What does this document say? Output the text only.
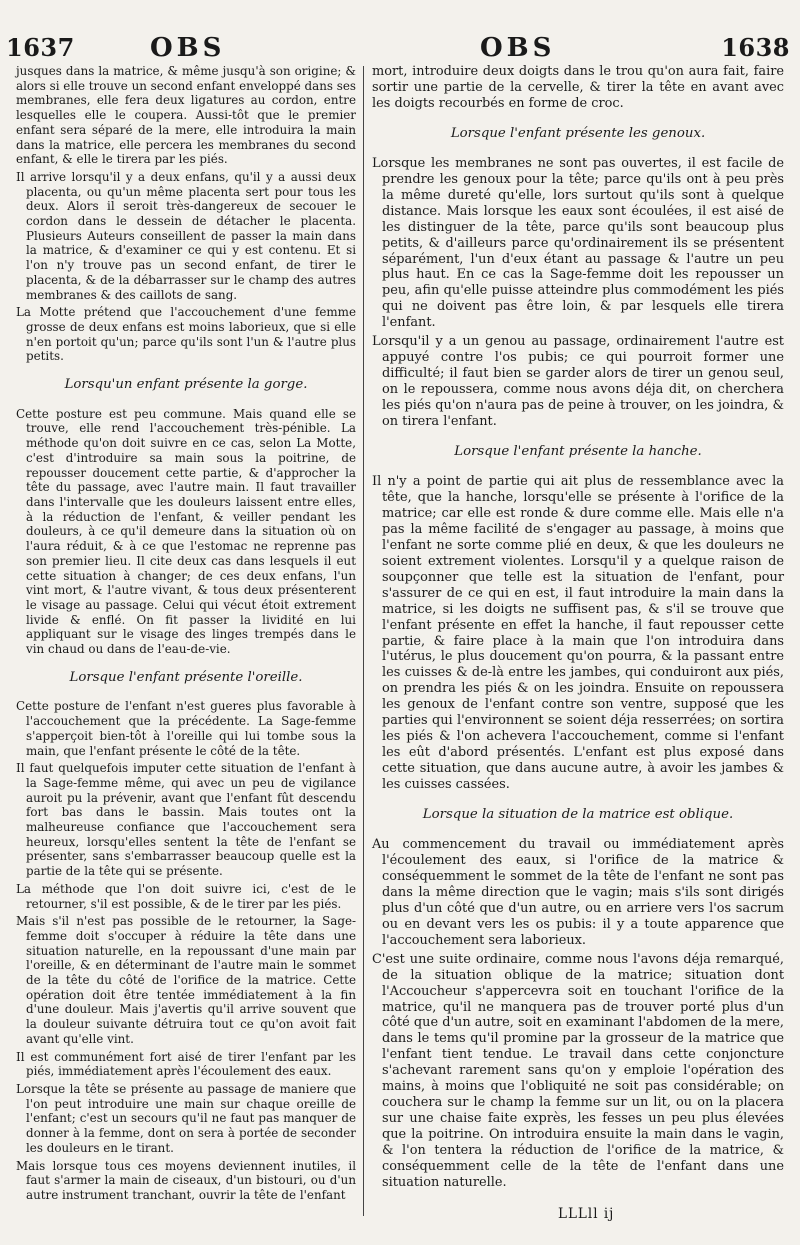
1637	OBS	OBS	1638

jusques dans la matrice, & même jusqu'à son origine; & alors si elle trouve un second enfant enveloppé dans ses membranes, elle fera deux ligatures au cordon, entre lesquelles elle le coupera. Aussi-tôt que le premier enfant sera séparé de la mere, elle introduira la main dans la matrice, elle percera les membranes du second enfant, & elle le tirera par les piés.

Il arrive lorsqu'il y a deux enfans, qu'il y a aussi deux placenta, ou qu'un même placenta sert pour tous les deux. Alors il seroit très-dangereux de secouer le cordon dans le dessein de détacher le placenta. Plusieurs Auteurs conseillent de passer la main dans la matrice, & d'examiner ce qui y est contenu. Et si l'on n'y trouve pas un second enfant, de tirer le placenta, & de la débarrasser sur le champ des autres membranes & des caillots de sang.

La Motte prétend que l'accouchement d'une femme grosse de deux enfans est moins laborieux, que si elle n'en portoit qu'un; parce qu'ils sont l'un & l'autre plus petits.

Lorsqu'un enfant présente la gorge.

Cette posture est peu commune. Mais quand elle se trouve, elle rend l'accouchement très-pénible. La méthode qu'on doit suivre en ce cas, selon La Motte, c'est d'introduire sa main sous la poitrine, de repousser doucement cette partie, & d'approcher la tête du passage, avec l'autre main. Il faut travailler dans l'intervalle que les douleurs laissent entre elles, à la réduction de l'enfant, & veiller pendant les douleurs, à ce qu'il demeure dans la situation où on l'aura réduit, & à ce que l'estomac ne reprenne pas son premier lieu. Il cite deux cas dans lesquels il eut cette situation à changer; de ces deux enfans, l'un vint mort, & l'autre vivant, & tous deux présenterent le visage au passage. Celui qui vécut étoit extrement livide & enflé. On fit passer la lividité en lui appliquant sur le visage des linges trempés dans le vin chaud ou dans de l'eau-de-vie.

Lorsque l'enfant présente l'oreille.

Cette posture de l'enfant n'est gueres plus favorable à l'accouchement que la précédente. La Sage-femme s'apperçoit bien-tôt à l'oreille qui lui tombe sous la main, que l'enfant présente le côté de la tête.

Il faut quelquefois imputer cette situation de l'enfant à la Sage-femme même, qui avec un peu de vigilance auroit pu la prévenir, avant que l'enfant fût descendu fort bas dans le bassin. Mais toutes ont la malheureuse confiance que l'accouchement sera heureux, lorsqu'elles sentent la tête de l'enfant se présenter, sans s'embarrasser beaucoup quelle est la partie de la tête qui se présente.

La méthode que l'on doit suivre ici, c'est de le retourner, s'il est possible, & de le tirer par les piés.

Mais s'il n'est pas possible de le retourner, la Sage-femme doit s'occuper à réduire la tête dans une situation naturelle, en la repoussant d'une main par l'oreille, & en déterminant de l'autre main le sommet de la tête du côté de l'orifice de la matrice. Cette opération doit être tentée immédiatement à la fin d'une douleur. Mais j'avertis qu'il arrive souvent que la douleur suivante détruira tout ce qu'on avoit fait avant qu'elle vint.

Il est communément fort aisé de tirer l'enfant par les piés, immédiatement après l'écoulement des eaux.

Lorsque la tête se présente au passage de maniere que l'on peut introduire une main sur chaque oreille de l'enfant; c'est un secours qu'il ne faut pas manquer de donner à la femme, dont on sera à portée de seconder les douleurs en le tirant.

Mais lorsque tous ces moyens deviennent inutiles, il faut s'armer la main de ciseaux, d'un bistouri, ou d'un autre instrument tranchant, ouvrir la tête de l'enfant

mort, introduire deux doigts dans le trou qu'on aura fait, faire sortir une partie de la cervelle, & tirer la tête en avant avec les doigts recourbés en forme de croc.

Lorsque l'enfant présente les genoux.

Lorsque les membranes ne sont pas ouvertes, il est facile de prendre les genoux pour la tête; parce qu'ils ont à peu près la même dureté qu'elle, lors surtout qu'ils sont à quelque distance. Mais lorsque les eaux sont écoulées, il est aisé de les distinguer de la tête, parce qu'ils sont beaucoup plus petits, & d'ailleurs parce qu'ordinairement ils se présentent séparément, l'un d'eux étant au passage & l'autre un peu plus haut. En ce cas la Sage-femme doit les repousser un peu, afin qu'elle puisse atteindre plus commodément les piés qui ne doivent pas être loin, & par lesquels elle tirera l'enfant.

Lorsqu'il y a un genou au passage, ordinairement l'autre est appuyé contre l'os pubis; ce qui pourroit former une difficulté; il faut bien se garder alors de tirer un genou seul, on le repoussera, comme nous avons déja dit, on cherchera les piés qu'on n'aura pas de peine à trouver, on les joindra, & on tirera l'enfant.

Lorsque l'enfant présente la hanche.

Il n'y a point de partie qui ait plus de ressemblance avec la tête, que la hanche, lorsqu'elle se présente à l'orifice de la matrice; car elle est ronde & dure comme elle. Mais elle n'a pas la même facilité de s'engager au passage, à moins que l'enfant ne sorte comme plié en deux, & que les douleurs ne soient extrement violentes. Lorsqu'il y a quelque raison de soupçonner que telle est la situation de l'enfant, pour s'assurer de ce qui en est, il faut introduire la main dans la matrice, si les doigts ne suffisent pas, & s'il se trouve que l'enfant présente en effet la hanche, il faut repousser cette partie, & faire place à la main que l'on introduira dans l'utérus, le plus doucement qu'on pourra, & la passant entre les cuisses & de-là entre les jambes, qui conduiront aux piés, on prendra les piés & on les joindra. Ensuite on repoussera les genoux de l'enfant contre son ventre, supposé que les parties qui l'environnent se soient déja resserrées; on sortira les piés & l'on achevera l'accouchement, comme si l'enfant les eût d'abord présentés. L'enfant est plus exposé dans cette situation, que dans aucune autre, à avoir les jambes & les cuisses cassées.

Lorsque la situation de la matrice est oblique.

Au commencement du travail ou immédiatement après l'écoulement des eaux, si l'orifice de la matrice & conséquemment le sommet de la tête de l'enfant ne sont pas dans la même direction que le vagin; mais s'ils sont dirigés plus d'un côté que d'un autre, ou en arriere vers l'os sacrum ou en devant vers les os pubis: il y a toute apparence que l'accouchement sera laborieux.

C'est une suite ordinaire, comme nous l'avons déja remarqué, de la situation oblique de la matrice; situation dont l'Accoucheur s'appercevra soit en touchant l'orifice de la matrice, qu'il ne manquera pas de trouver porté plus d'un côté que d'un autre, soit en examinant l'abdomen de la mere, dans le tems qu'il promine par la grosseur de la matrice que l'enfant tient tendue. Le travail dans cette conjoncture s'achevant rarement sans qu'on y emploie l'opération des mains, à moins que l'obliquité ne soit pas considérable; on couchera sur le champ la femme sur un lit, ou on la placera sur une chaise faite exprès, les fesses un peu plus élevées que la poitrine. On introduira ensuite la main dans le vagin, & l'on tentera la réduction de l'orifice de la matrice, & conséquemment celle de la tête de l'enfant dans une situation naturelle.

LLLll ij
